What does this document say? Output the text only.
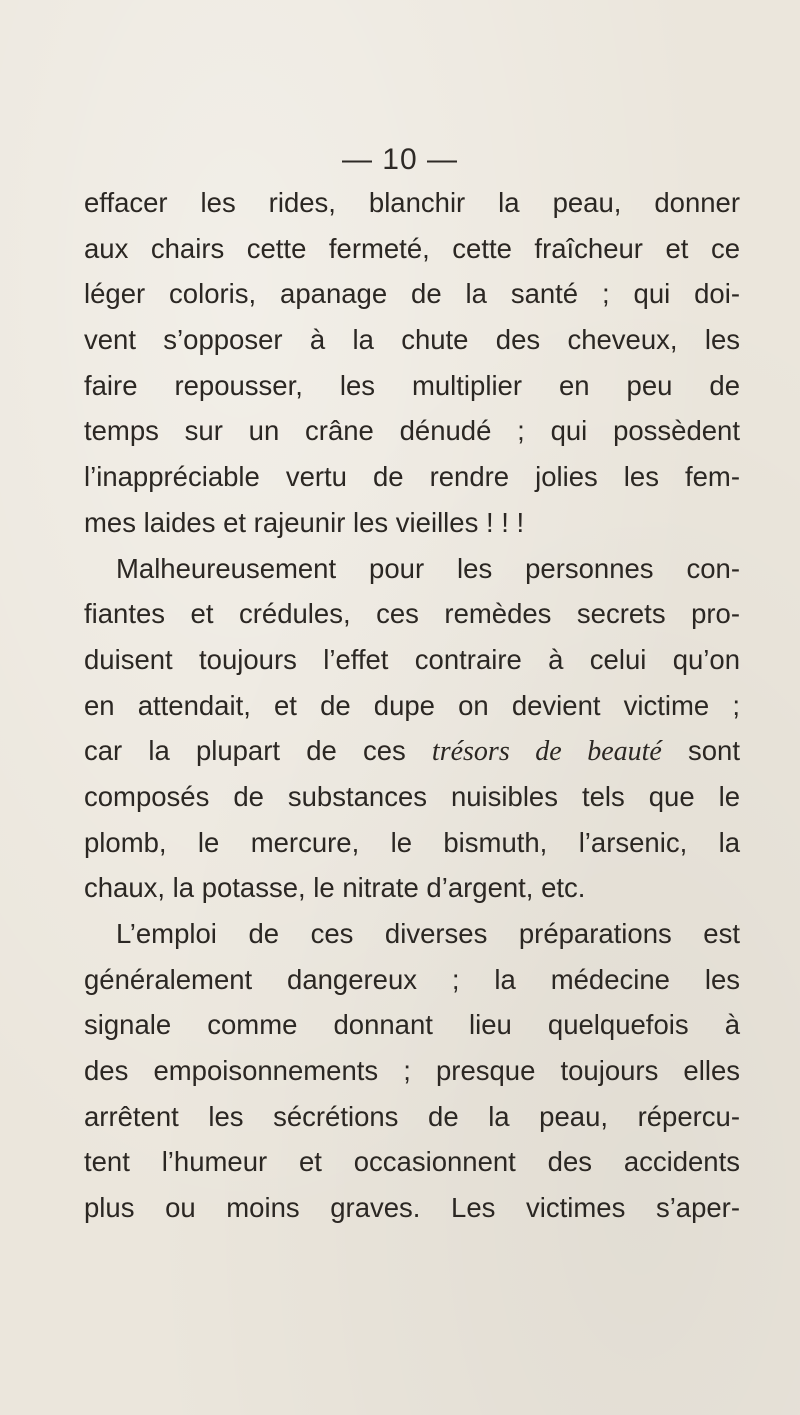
— 10 —
effacer les rides, blanchir la peau, donner
aux chairs cette fermeté, cette fraîcheur et ce
léger coloris, apanage de la santé ; qui doi-
vent s’opposer à la chute des cheveux, les
faire repousser, les multiplier en peu de
temps sur un crâne dénudé ; qui possèdent
l’inappréciable vertu de rendre jolies les fem-
mes laides et rajeunir les vieilles ! ! !
Malheureusement pour les personnes con-
fiantes et crédules, ces remèdes secrets pro-
duisent toujours l’effet contraire à celui qu’on
en attendait, et de dupe on devient victime ;
car la plupart de ces trésors de beauté sont
composés de substances nuisibles tels que le
plomb, le mercure, le bismuth, l’arsenic, la
chaux, la potasse, le nitrate d’argent, etc.
L’emploi de ces diverses préparations est
généralement dangereux ; la médecine les
signale comme donnant lieu quelquefois à
des empoisonnements ; presque toujours elles
arrêtent les sécrétions de la peau, répercu-
tent l’humeur et occasionnent des accidents
plus ou moins graves. Les victimes s’aper-
